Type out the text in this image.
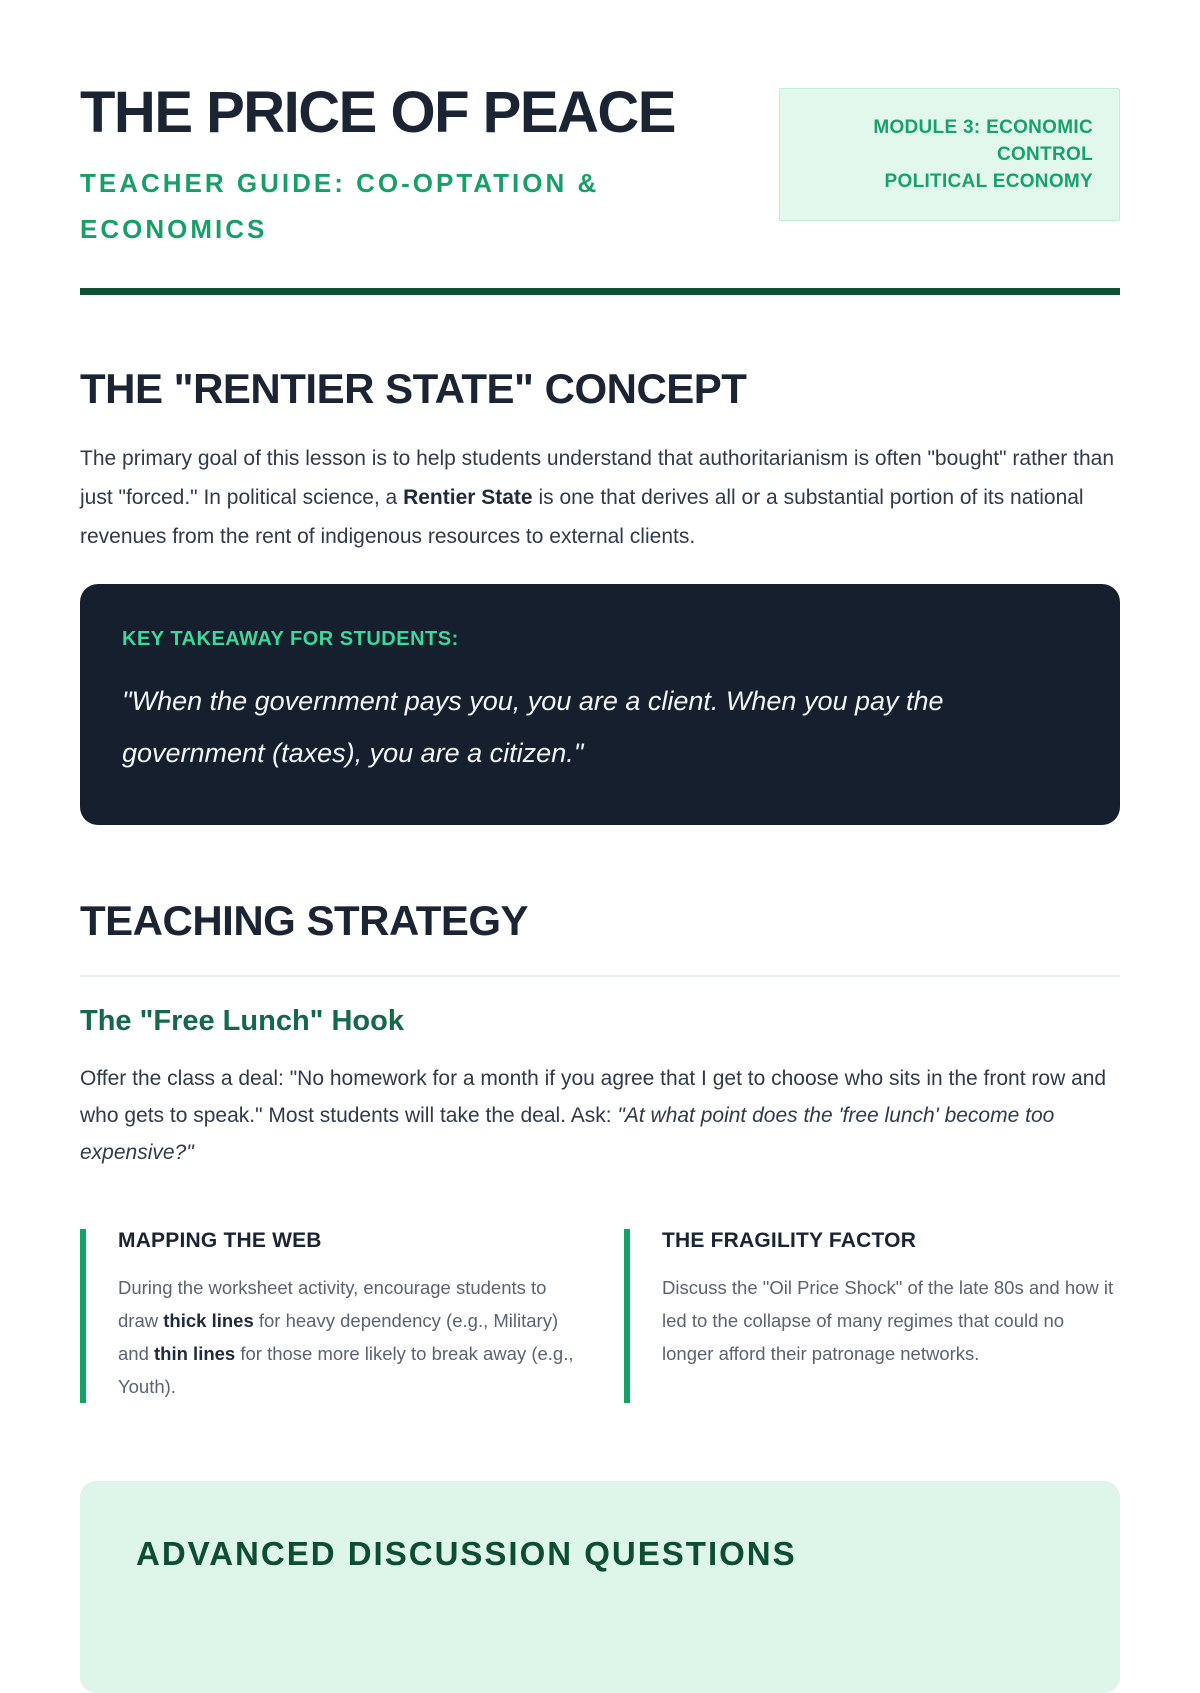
THE PRICE OF PEACE
TEACHER GUIDE: CO-OPTATION & ECONOMICS
MODULE 3: ECONOMIC CONTROL
POLITICAL ECONOMY
THE "RENTIER STATE" CONCEPT

The primary goal of this lesson is to help students understand that authoritarianism is often "bought" rather than just "forced." In political science, a Rentier State is one that derives all or a substantial portion of its national revenues from the rent of indigenous resources to external clients.

KEY TAKEAWAY FOR STUDENTS:
"When the government pays you, you are a client. When you pay the government (taxes), you are a citizen."
TEACHING STRATEGY
The "Free Lunch" Hook

Offer the class a deal: "No homework for a month if you agree that I get to choose who sits in the front row and who gets to speak." Most students will take the deal. Ask: "At what point does the 'free lunch' become too expensive?"

MAPPING THE WEB
During the worksheet activity, encourage students to draw thick lines for heavy dependency (e.g., Military) and thin lines for those more likely to break away (e.g., Youth).
THE FRAGILITY FACTOR
Discuss the "Oil Price Shock" of the late 80s and how it led to the collapse of many regimes that could no longer afford their patronage networks.
ADVANCED DISCUSSION QUESTIONS
